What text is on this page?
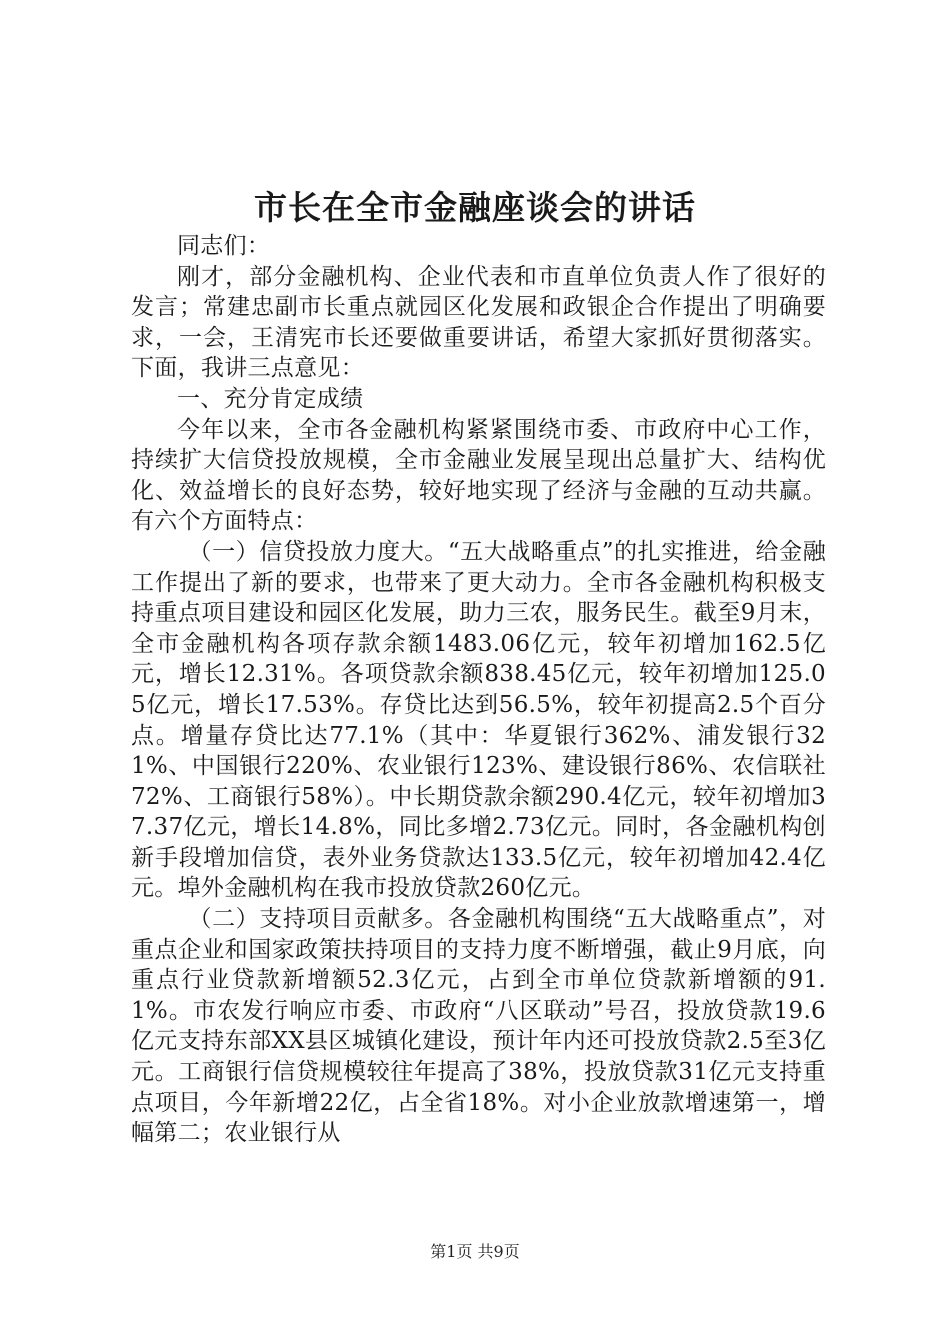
市长在全市金融座谈会的讲话

同志们：

刚才，部分金融机构、企业代表和市直单位负责人作了很好的发言；常建忠副市长重点就园区化发展和政银企合作提出了明确要求，一会，王清宪市长还要做重要讲话，希望大家抓好贯彻落实。下面，我讲三点意见：

一、充分肯定成绩

今年以来，全市各金融机构紧紧围绕市委、市政府中心工作，持续扩大信贷投放规模，全市金融业发展呈现出总量扩大、结构优化、效益增长的良好态势，较好地实现了经济与金融的互动共赢。有六个方面特点：

（一）信贷投放力度大。“五大战略重点”的扎实推进，给金融工作提出了新的要求，也带来了更大动力。全市各金融机构积极支持重点项目建设和园区化发展，助力三农，服务民生。截至9月末，全市金融机构各项存款余额1483.06亿元，较年初增加162.5亿元，增长12.31%。各项贷款余额838.45亿元，较年初增加125.05亿元，增长17.53%。存贷比达到56.5%，较年初提高2.5个百分点。增量存贷比达77.1%（其中：华夏银行362%、浦发银行321%、中国银行220%、农业银行123%、建设银行86%、农信联社72%、工商银行58%）。中长期贷款余额290.4亿元，较年初增加37.37亿元，增长14.8%，同比多增2.73亿元。同时，各金融机构创新手段增加信贷，表外业务贷款达133.5亿元，较年初增加42.4亿元。埠外金融机构在我市投放贷款260亿元。

（二）支持项目贡献多。各金融机构围绕“五大战略重点”，对重点企业和国家政策扶持项目的支持力度不断增强，截止9月底，向重点行业贷款新增额52.3亿元，占到全市单位贷款新增额的91.1%。市农发行响应市委、市政府“八区联动”号召，投放贷款19.6亿元支持东部XX县区城镇化建设，预计年内还可投放贷款2.5至3亿元。工商银行信贷规模较往年提高了38%，投放贷款31亿元支持重点项目，今年新增22亿，占全省18%。对小企业放款增速第一，增幅第二；农业银行从

第1页 共9页
